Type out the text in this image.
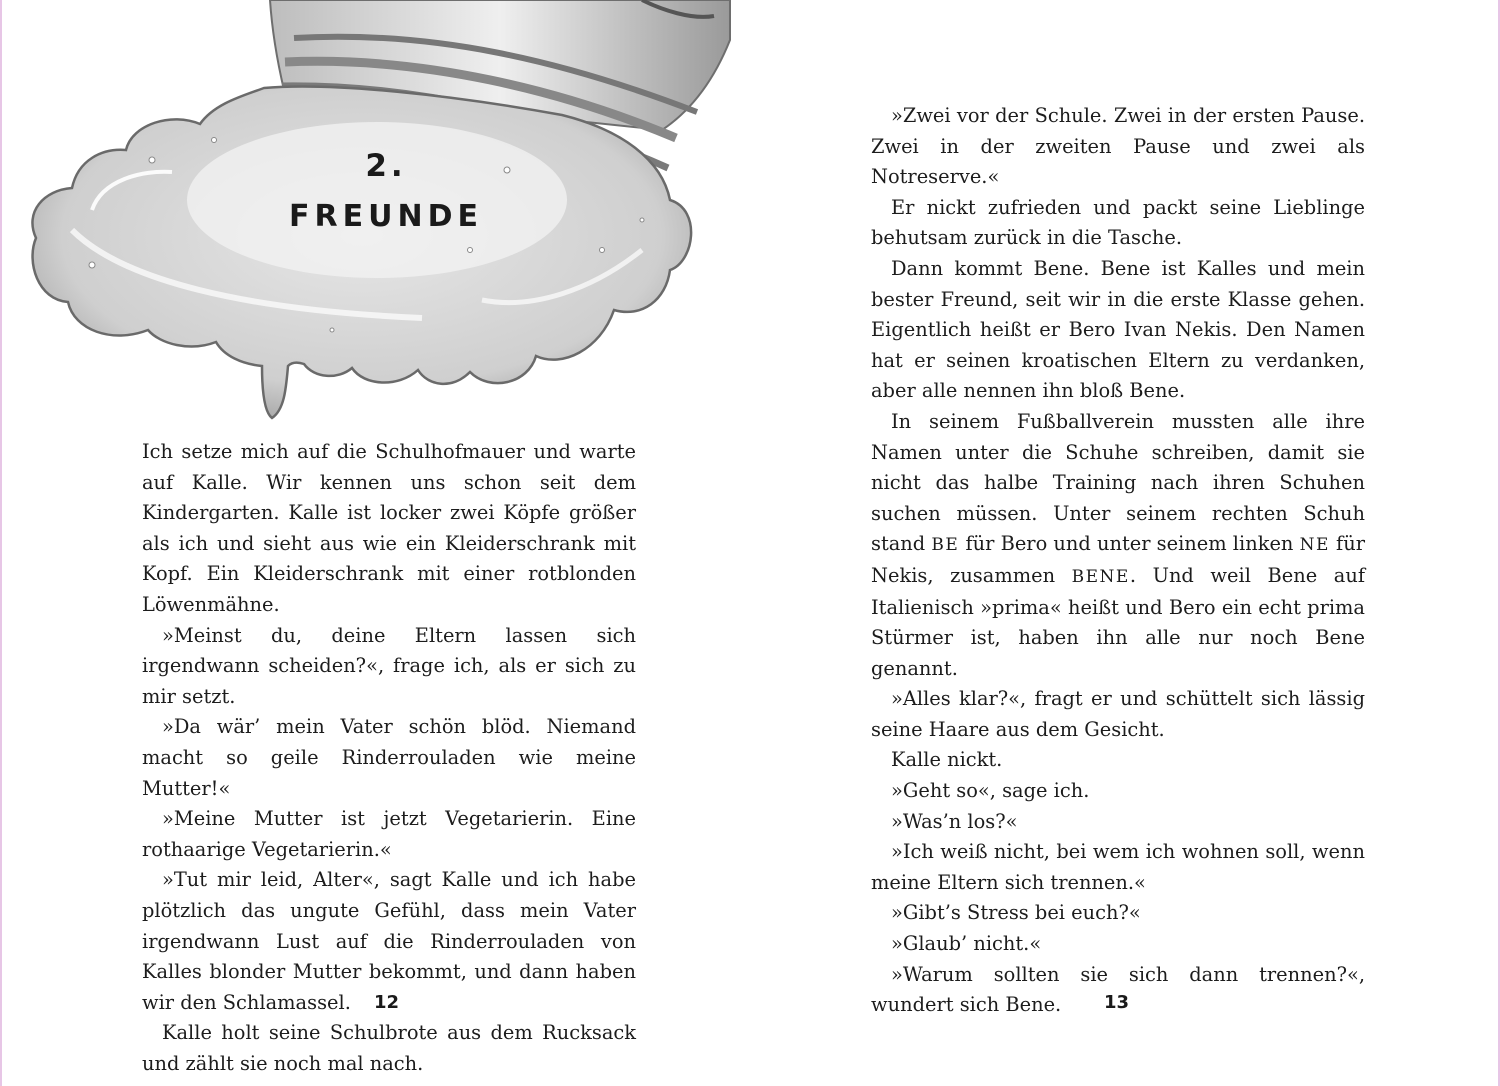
2.
FREUNDE

Ich setze mich auf die Schulhofmauer und warte auf Kalle. Wir kennen uns schon seit dem Kindergarten. Kalle ist locker zwei Köpfe größer als ich und sieht aus wie ein Kleiderschrank mit Kopf. Ein Kleiderschrank mit einer rotblonden Löwenmähne.

»Meinst du, deine Eltern lassen sich irgendwann scheiden?«, frage ich, als er sich zu mir setzt.

»Da wär’ mein Vater schön blöd. Niemand macht so geile Rinderrouladen wie meine Mutter!«

»Meine Mutter ist jetzt Vegetarierin. Eine rothaarige Vegetarierin.«

»Tut mir leid, Alter«, sagt Kalle und ich habe plötzlich das ungute Gefühl, dass mein Vater irgendwann Lust auf die Rinderrouladen von Kalles blonder Mutter bekommt, und dann haben wir den Schlamassel.

Kalle holt seine Schulbrote aus dem Rucksack und zählt sie noch mal nach.

12

»Zwei vor der Schule. Zwei in der ersten Pause. Zwei in der zweiten Pause und zwei als Notreserve.«

Er nickt zufrieden und packt seine Lieblinge behutsam zurück in die Tasche.

Dann kommt Bene. Bene ist Kalles und mein bester Freund, seit wir in die erste Klasse gehen. Eigentlich heißt er Bero Ivan Nekis. Den Namen hat er seinen kroatischen Eltern zu verdanken, aber alle nennen ihn bloß Bene.

In seinem Fußballverein mussten alle ihre Namen unter die Schuhe schreiben, damit sie nicht das halbe Training nach ihren Schuhen suchen müssen. Unter seinem rechten Schuh stand BE für Bero und unter seinem linken NE für Nekis, zusammen BENE. Und weil Bene auf Italienisch »prima« heißt und Bero ein echt prima Stürmer ist, haben ihn alle nur noch Bene genannt.

»Alles klar?«, fragt er und schüttelt sich lässig seine Haare aus dem Gesicht.

Kalle nickt.

»Geht so«, sage ich.

»Was’n los?«

»Ich weiß nicht, bei wem ich wohnen soll, wenn meine Eltern sich trennen.«

»Gibt’s Stress bei euch?«

»Glaub’ nicht.«

»Warum sollten sie sich dann trennen?«, wundert sich Bene.	13
